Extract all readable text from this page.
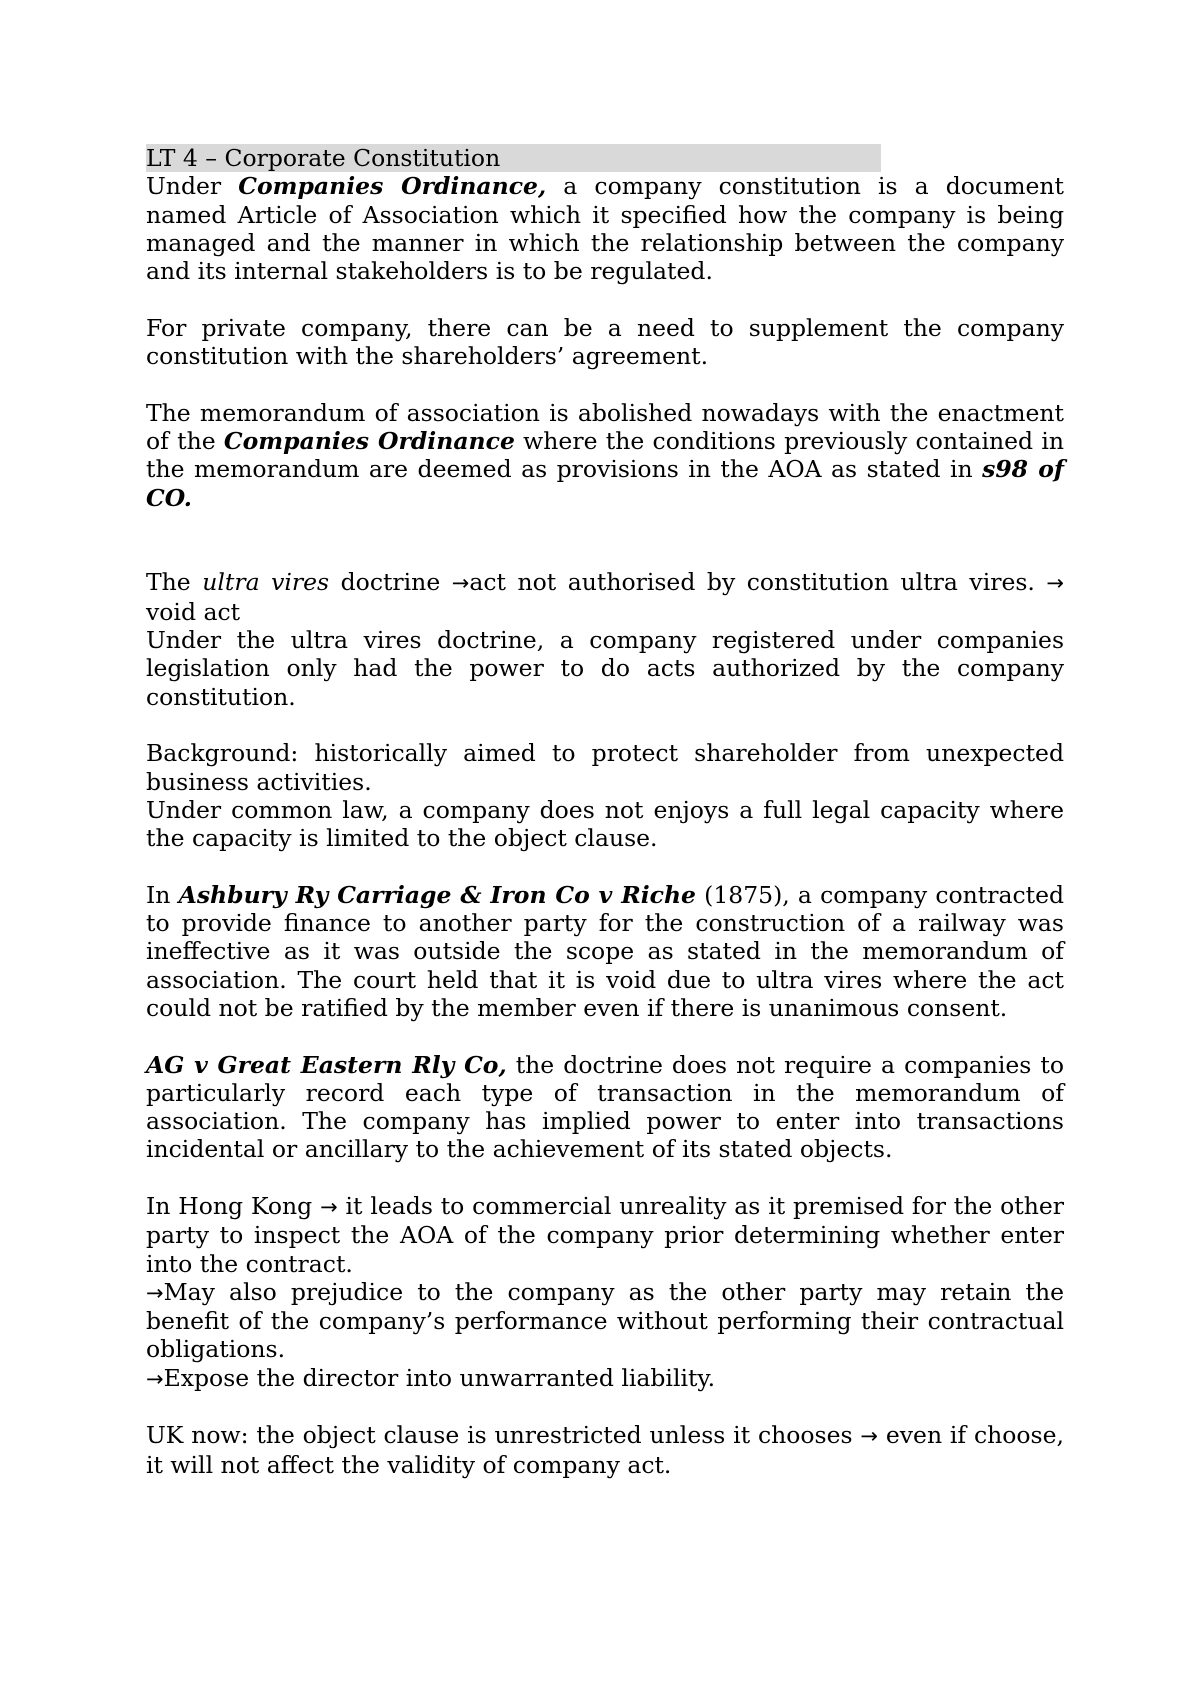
LT 4 – Corporate Constitution

Under Companies Ordinance, a company constitution is a document named Article of Association which it specified how the company is being managed and the manner in which the relationship between the company and its internal stakeholders is to be regulated.

For private company, there can be a need to supplement the company constitution with the shareholders’ agreement.

The memorandum of association is abolished nowadays with the enactment of the Companies Ordinance where the conditions previously contained in the memorandum are deemed as provisions in the AOA as stated in s98 of CO.

The ultra vires doctrine →act not authorised by constitution ultra vires. → void act

Under the ultra vires doctrine, a company registered under companies legislation only had the power to do acts authorized by the company constitution.

Background: historically aimed to protect shareholder from unexpected business activities.

Under common law, a company does not enjoys a full legal capacity where the capacity is limited to the object clause.

In Ashbury Ry Carriage & Iron Co v Riche (1875), a company contracted to provide finance to another party for the construction of a railway was ineffective as it was outside the scope as stated in the memorandum of association. The court held that it is void due to ultra vires where the act could not be ratified by the member even if there is unanimous consent.

AG v Great Eastern Rly Co, the doctrine does not require a companies to particularly record each type of transaction in the memorandum of association. The company has implied power to enter into transactions incidental or ancillary to the achievement of its stated objects.

In Hong Kong → it leads to commercial unreality as it premised for the other party to inspect the AOA of the company prior determining whether enter into the contract.

→May also prejudice to the company as the other party may retain the benefit of the company’s performance without performing their contractual obligations.

→Expose the director into unwarranted liability.

UK now: the object clause is unrestricted unless it chooses → even if choose, it will not affect the validity of company act.
